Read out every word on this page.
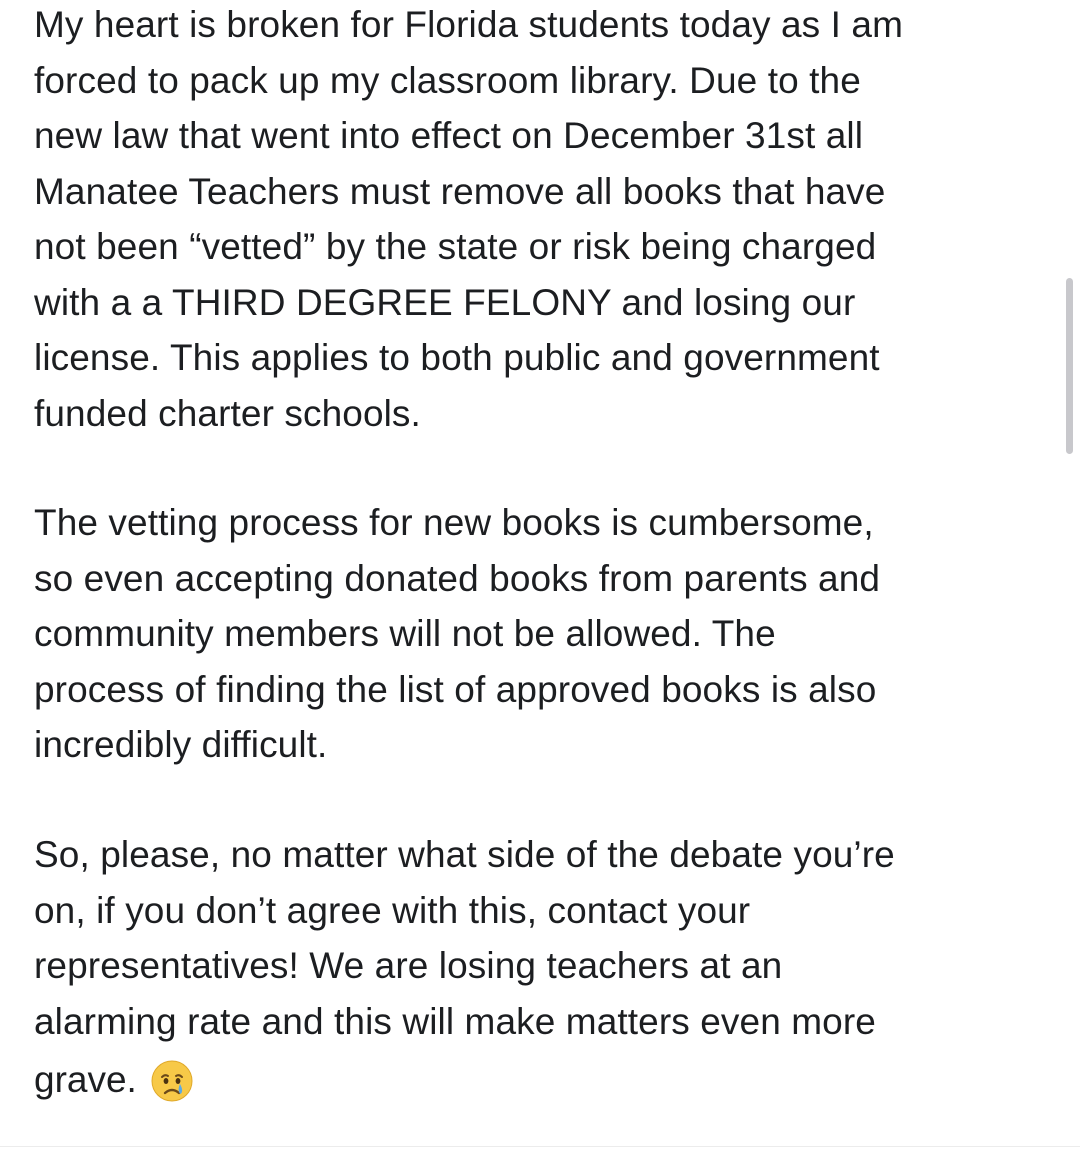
My heart is broken for Florida students today as I am
forced to pack up my classroom library. Due to the
new law that went into effect on December 31st all
Manatee Teachers must remove all books that have
not been “vetted” by the state or risk being charged
with a a THIRD DEGREE FELONY and losing our
license. This applies to both public and government
funded charter schools.
The vetting process for new books is cumbersome,
so even accepting donated books from parents and
community members will not be allowed. The
process of finding the list of approved books is also
incredibly difficult.
So, please, no matter what side of the debate you’re
on, if you don’t agree with this, contact your
representatives! We are losing teachers at an
alarming rate and this will make matters even more
grave.
